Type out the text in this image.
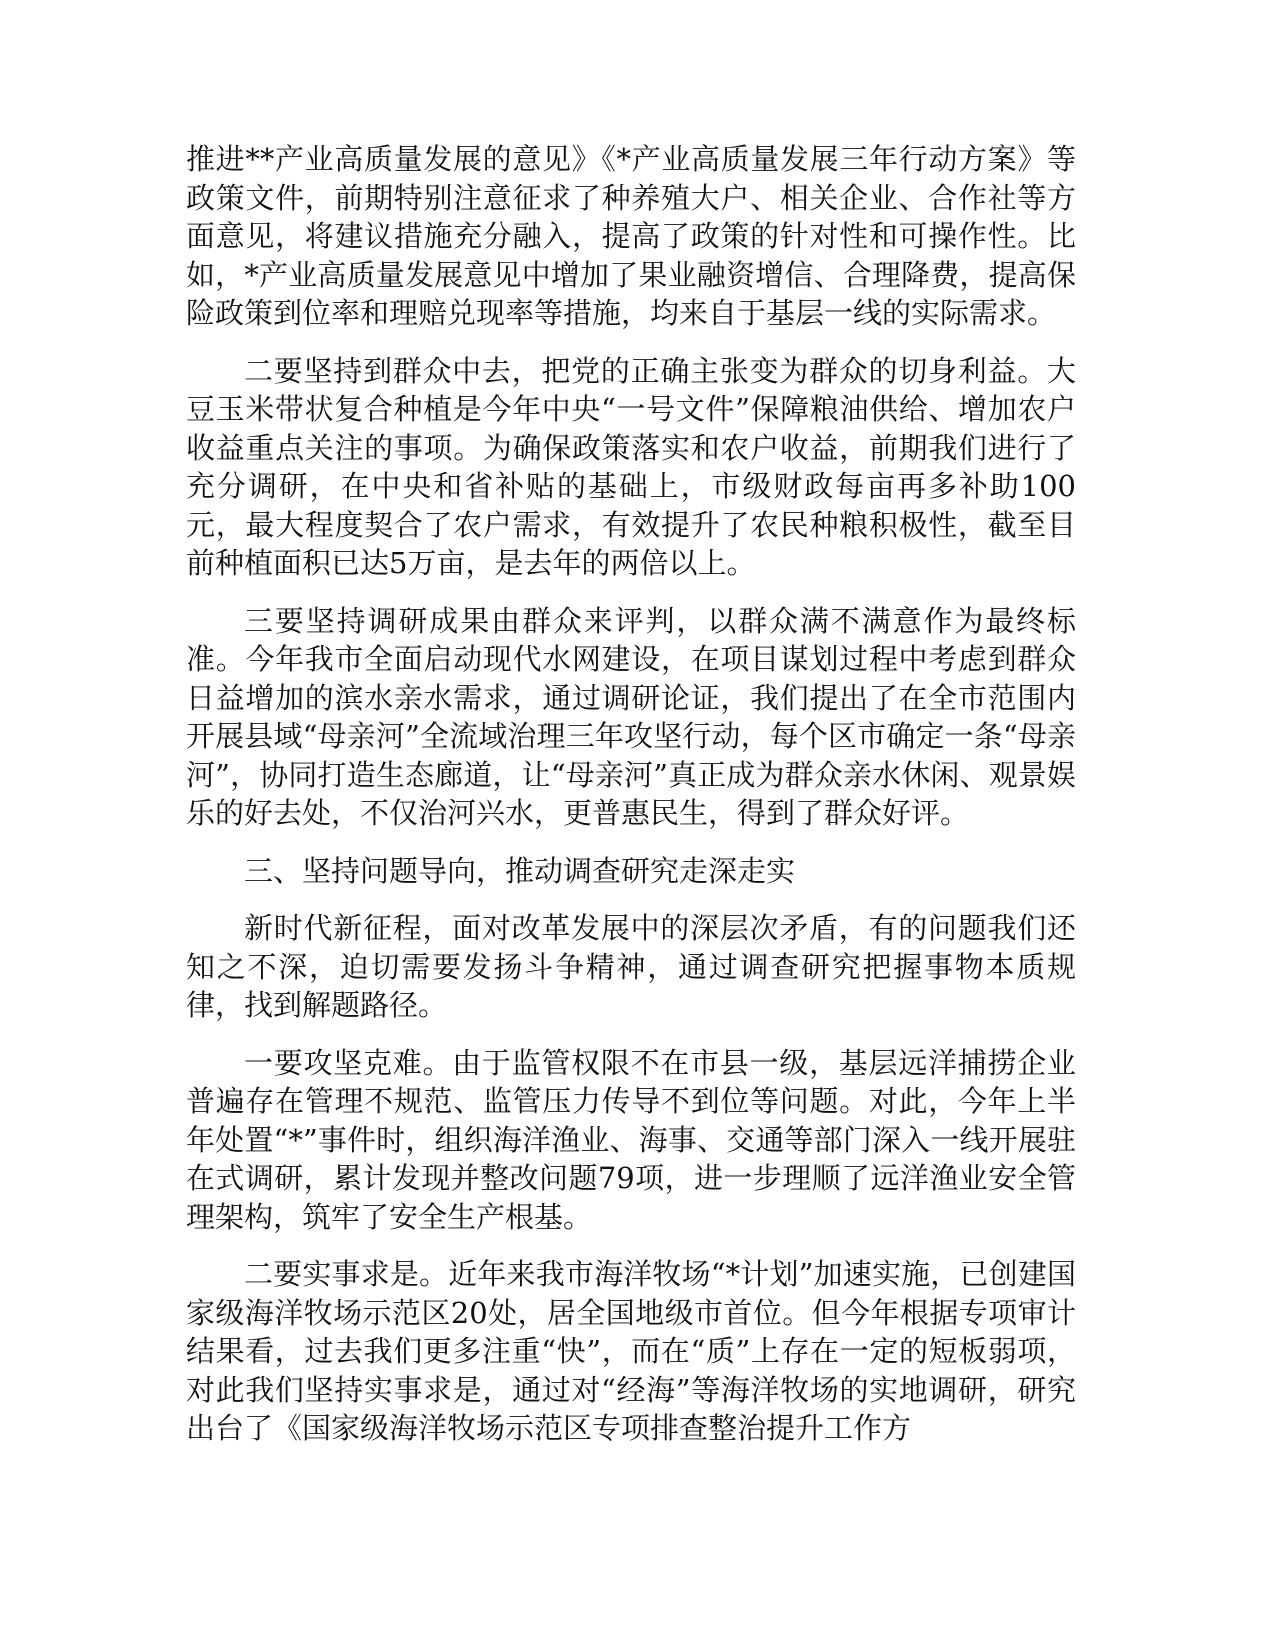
推进**产业高质量发展的意见》《*产业高质量发展三年行动方案》等政策文件，前期特别注意征求了种养殖大户、相关企业、合作社等方面意见，将建议措施充分融入，提高了政策的针对性和可操作性。比如，*产业高质量发展意见中增加了果业融资增信、合理降费，提高保险政策到位率和理赔兑现率等措施，均来自于基层一线的实际需求。

二要坚持到群众中去，把党的正确主张变为群众的切身利益。大豆玉米带状复合种植是今年中央“一号文件”保障粮油供给、增加农户收益重点关注的事项。为确保政策落实和农户收益，前期我们进行了充分调研，在中央和省补贴的基础上，市级财政每亩再多补助100元，最大程度契合了农户需求，有效提升了农民种粮积极性，截至目前种植面积已达5万亩，是去年的两倍以上。

三要坚持调研成果由群众来评判，以群众满不满意作为最终标准。今年我市全面启动现代水网建设，在项目谋划过程中考虑到群众日益增加的滨水亲水需求，通过调研论证，我们提出了在全市范围内开展县域“母亲河”全流域治理三年攻坚行动，每个区市确定一条“母亲河”，协同打造生态廊道，让“母亲河”真正成为群众亲水休闲、观景娱乐的好去处，不仅治河兴水，更普惠民生，得到了群众好评。

三、坚持问题导向，推动调查研究走深走实

新时代新征程，面对改革发展中的深层次矛盾，有的问题我们还知之不深，迫切需要发扬斗争精神，通过调查研究把握事物本质规律，找到解题路径。

一要攻坚克难。由于监管权限不在市县一级，基层远洋捕捞企业普遍存在管理不规范、监管压力传导不到位等问题。对此，今年上半年处置“*”事件时，组织海洋渔业、海事、交通等部门深入一线开展驻在式调研，累计发现并整改问题79项，进一步理顺了远洋渔业安全管理架构，筑牢了安全生产根基。

二要实事求是。近年来我市海洋牧场“*计划”加速实施，已创建国家级海洋牧场示范区20处，居全国地级市首位。但今年根据专项审计结果看，过去我们更多注重“快”，而在“质”上存在一定的短板弱项，对此我们坚持实事求是，通过对“经海”等海洋牧场的实地调研，研究出台了《国家级海洋牧场示范区专项排查整治提升工作方
